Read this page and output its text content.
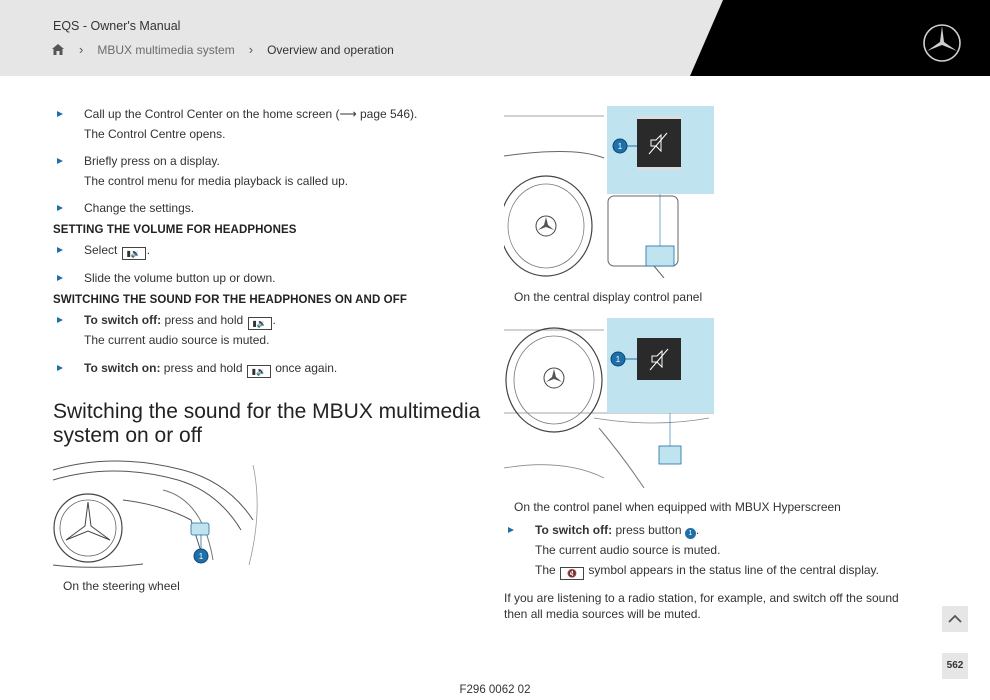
EQS - Owner's Manual
› MBUX multimedia system › Overview and operation
Call up the Control Center on the home screen (⟶ page 546).
The Control Centre opens.
Briefly press on a display.
The control menu for media playback is called up.
Change the settings.
SETTING THE VOLUME FOR HEADPHONES
Select ▮🔉 .
Slide the volume button up or down.
SWITCHING THE SOUND FOR THE HEADPHONES ON AND OFF
To switch off: press and hold ▮🔉 .
The current audio source is muted.
To switch on: press and hold ▮🔉 once again.
Switching the sound for the MBUX multimedia system on or off
1
On the steering wheel
1
On the central display control panel
1
On the control panel when equipped with MBUX Hyperscreen
To switch off: press button 1 .
The current audio source is muted.
The 🔇 symbol appears in the status line of the central display.
If you are listening to a radio station, for example, and switch off the sound then all media sources will be muted.
562
F296 0062 02
